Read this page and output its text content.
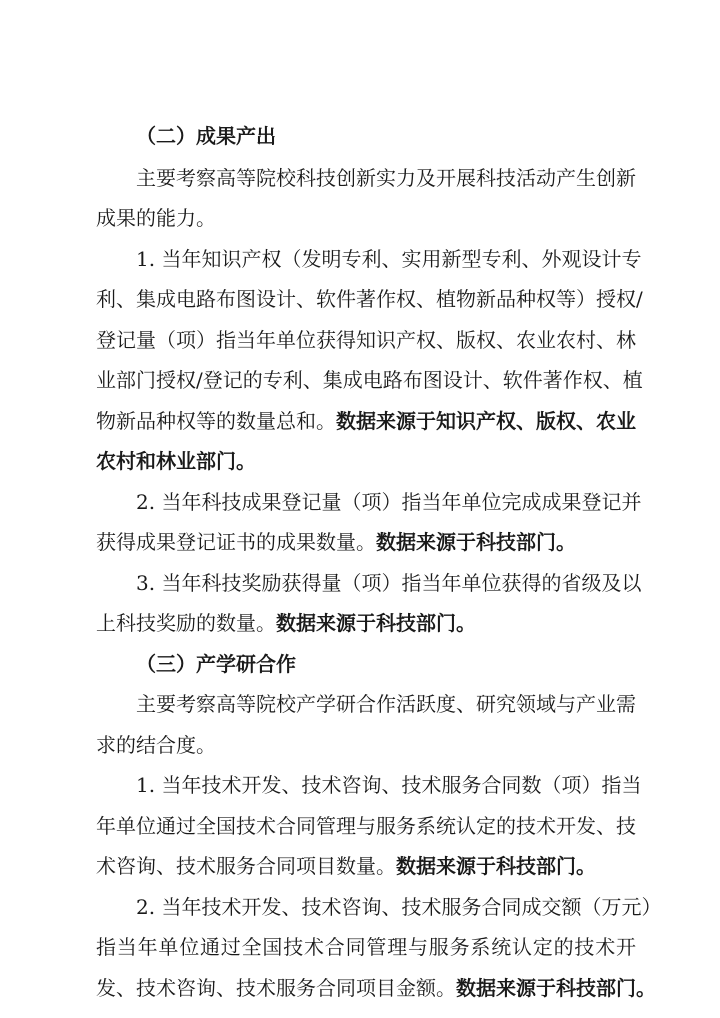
（二）成果产出
主要考察高等院校科技创新实力及开展科技活动产生创新
成果的能力。
1. 当年知识产权（发明专利、实用新型专利、外观设计专
利、集成电路布图设计、软件著作权、植物新品种权等）授权/
登记量（项）指当年单位获得知识产权、版权、农业农村、林
业部门授权/登记的专利、集成电路布图设计、软件著作权、植
物新品种权等的数量总和。数据来源于知识产权、版权、农业
农村和林业部门。
2. 当年科技成果登记量（项）指当年单位完成成果登记并
获得成果登记证书的成果数量。数据来源于科技部门。
3. 当年科技奖励获得量（项）指当年单位获得的省级及以
上科技奖励的数量。数据来源于科技部门。
（三）产学研合作
主要考察高等院校产学研合作活跃度、研究领域与产业需
求的结合度。
1. 当年技术开发、技术咨询、技术服务合同数（项）指当
年单位通过全国技术合同管理与服务系统认定的技术开发、技
术咨询、技术服务合同项目数量。数据来源于科技部门。
2. 当年技术开发、技术咨询、技术服务合同成交额（万元）
指当年单位通过全国技术合同管理与服务系统认定的技术开
发、技术咨询、技术服务合同项目金额。数据来源于科技部门。
